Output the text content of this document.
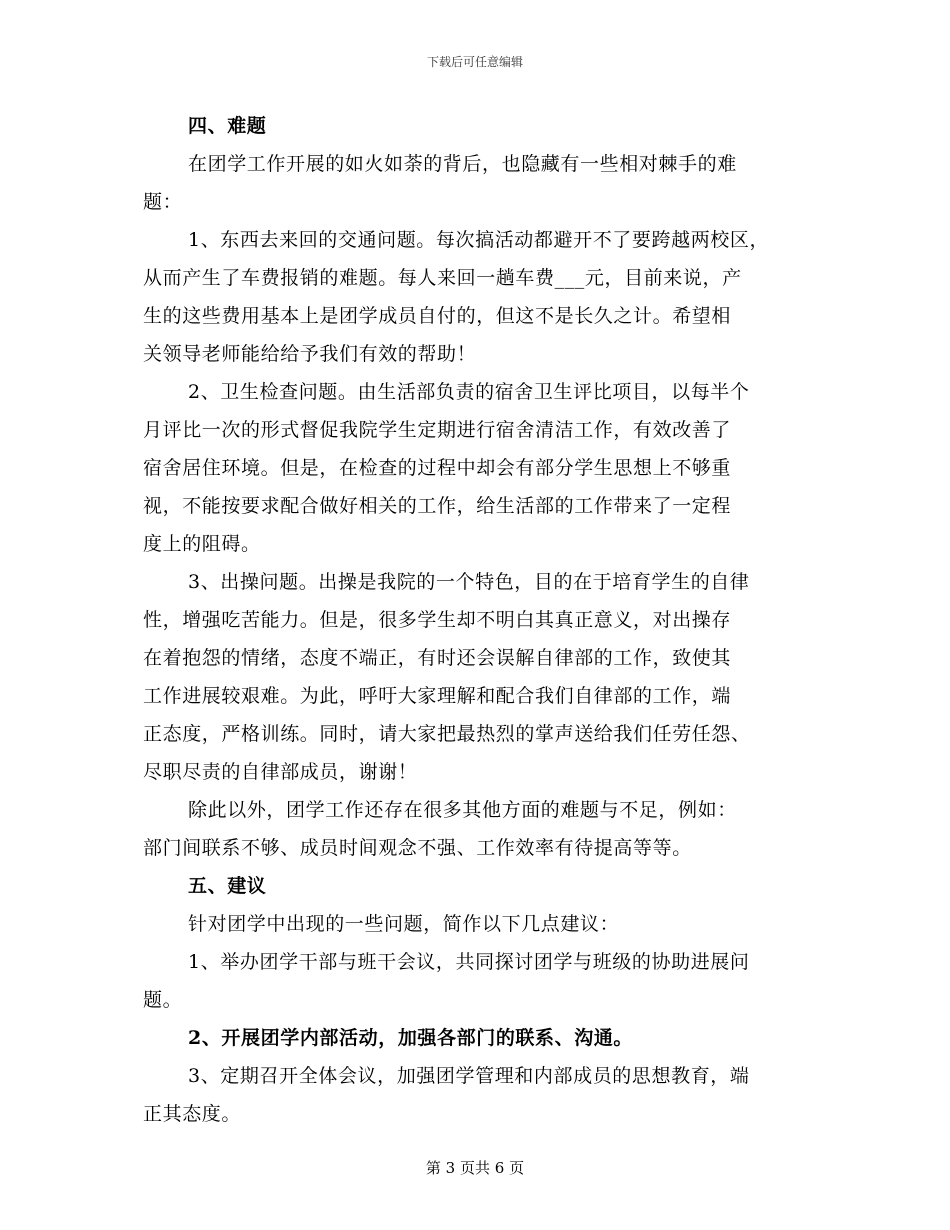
下载后可任意编辑
四、难题
在团学工作开展的如火如荼的背后，也隐藏有一些相对棘手的难
题：
1、东西去来回的交通问题。每次搞活动都避开不了要跨越两校区，
从而产生了车费报销的难题。每人来回一趟车费___元，目前来说，产
生的这些费用基本上是团学成员自付的，但这不是长久之计。希望相
关领导老师能给给予我们有效的帮助！
2、卫生检查问题。由生活部负责的宿舍卫生评比项目，以每半个
月评比一次的形式督促我院学生定期进行宿舍清洁工作，有效改善了
宿舍居住环境。但是，在检查的过程中却会有部分学生思想上不够重
视，不能按要求配合做好相关的工作，给生活部的工作带来了一定程
度上的阻碍。
3、出操问题。出操是我院的一个特色，目的在于培育学生的自律
性，增强吃苦能力。但是，很多学生却不明白其真正意义，对出操存
在着抱怨的情绪，态度不端正，有时还会误解自律部的工作，致使其
工作进展较艰难。为此，呼吁大家理解和配合我们自律部的工作，端
正态度，严格训练。同时，请大家把最热烈的掌声送给我们任劳任怨、
尽职尽责的自律部成员，谢谢！
除此以外，团学工作还存在很多其他方面的难题与不足，例如：
部门间联系不够、成员时间观念不强、工作效率有待提高等等。
五、建议
针对团学中出现的一些问题，简作以下几点建议：
1、举办团学干部与班干会议，共同探讨团学与班级的协助进展问
题。
2、开展团学内部活动，加强各部门的联系、沟通。
3、定期召开全体会议，加强团学管理和内部成员的思想教育，端
正其态度。
第 3 页共 6 页
